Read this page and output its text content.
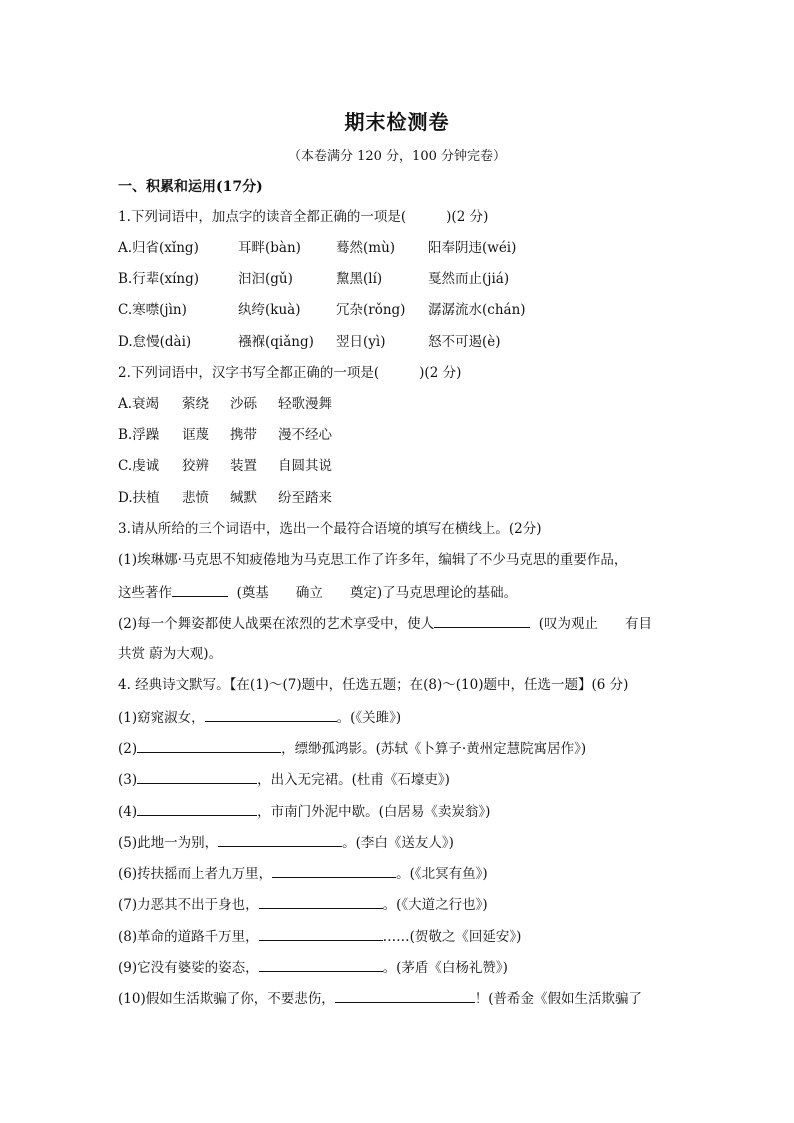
期末检测卷
（本卷满分 120 分，100 分钟完卷）
一、积累和运用(17分)
1.下列词语中，加点字的读音全都正确的一项是(	)(2 分)
A.归省(xǐng)	耳畔(bàn)	蓦然(mù) 阳奉阴违(wéi)
B.行辈(xíng)	汩汩(gǔ)	黧黑(lí)	戛然而止(jiá)
C.寒噤(jìn)	纨绔(kuà)	冗杂(rǒng) 潺潺流水(chán)
D.怠慢(dài)	襁褓(qiǎng) 翌日(yì)	怒不可遏(è)
2.下列词语中，汉字书写全都正确的一项是(	)(2 分)
A.衰竭 萦绕 沙砾 轻歌漫舞
B.浮躁 诓蔑 携带 漫不经心
C.虔诚 狡辨 装置 自圆其说
D.扶植 悲愤 缄默 纷至踏来
3.请从所给的三个词语中，选出一个最符合语境的填写在横线上。(2分)
(1)埃琳娜·马克思不知疲倦地为马克思工作了许多年，编辑了不少马克思的重要作品，
这些著作	(奠基　　确立　　奠定)了马克思理论的基础。
(2)每一个舞姿都使人战栗在浓烈的艺术享受中，使人	(叹为观止　　有目
共赏 蔚为大观)。
4. 经典诗文默写。【在(1)～(7)题中，任选五题；在(8)～(10)题中，任选一题】(6 分)
(1)窈窕淑女，	。(《关雎》)
(2)	，缥缈孤鸿影。(苏轼《卜算子·黄州定慧院寓居作》)
(3)	，出入无完裙。(杜甫《石壕吏》)
(4)	，市南门外泥中歇。(白居易《卖炭翁》)
(5)此地一为别，	。(李白《送友人》)
(6)抟扶摇而上者九万里，	。(《北冥有鱼》)
(7)力恶其不出于身也，	。(《大道之行也》)
(8)革命的道路千万里，	……(贺敬之《回延安》)
(9)它没有婆娑的姿态，	。(茅盾《白杨礼赞》)
(10)假如生活欺骗了你，不要悲伤，	！(普希金《假如生活欺骗了
